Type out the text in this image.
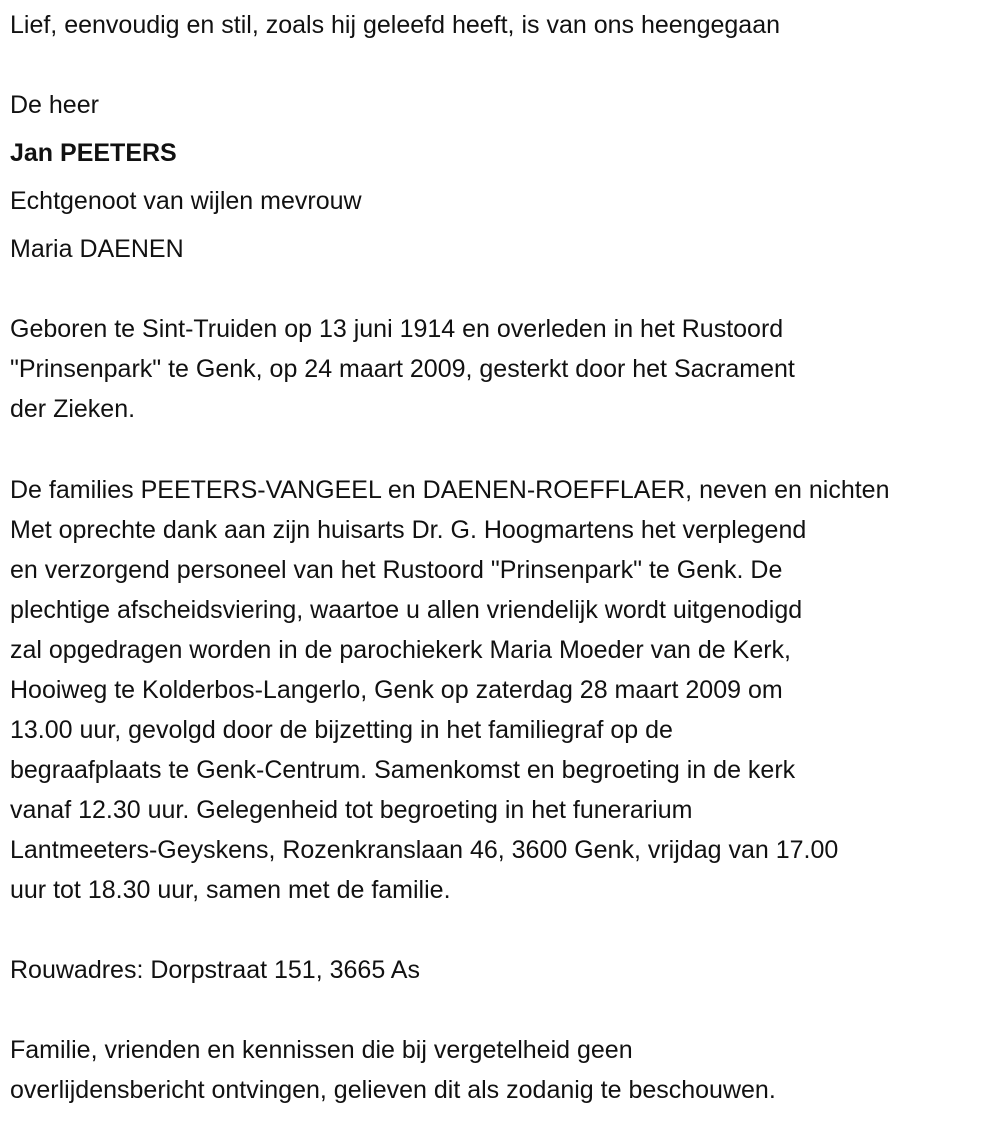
Lief, eenvoudig en stil, zoals hij geleefd heeft, is van ons heengegaan
De heer
Jan PEETERS
Echtgenoot van wijlen mevrouw
Maria DAENEN
Geboren te Sint-Truiden op 13 juni 1914 en overleden in het Rustoord
"Prinsenpark" te Genk, op 24 maart 2009, gesterkt door het Sacrament
der Zieken.
De families PEETERS-VANGEEL en DAENEN-ROEFFLAER, neven en nichten
Met oprechte dank aan zijn huisarts Dr. G. Hoogmartens het verplegend
en verzorgend personeel van het Rustoord "Prinsenpark" te Genk. De
plechtige afscheidsviering, waartoe u allen vriendelijk wordt uitgenodigd
zal opgedragen worden in de parochiekerk Maria Moeder van de Kerk,
Hooiweg te Kolderbos-Langerlo, Genk op zaterdag 28 maart 2009 om
13.00 uur, gevolgd door de bijzetting in het familiegraf op de
begraafplaats te Genk-Centrum. Samenkomst en begroeting in de kerk
vanaf 12.30 uur. Gelegenheid tot begroeting in het funerarium
Lantmeeters-Geyskens, Rozenkranslaan 46, 3600 Genk, vrijdag van 17.00
uur tot 18.30 uur, samen met de familie.
Rouwadres: Dorpstraat 151, 3665 As
Familie, vrienden en kennissen die bij vergetelheid geen
overlijdensbericht ontvingen, gelieven dit als zodanig te beschouwen.
